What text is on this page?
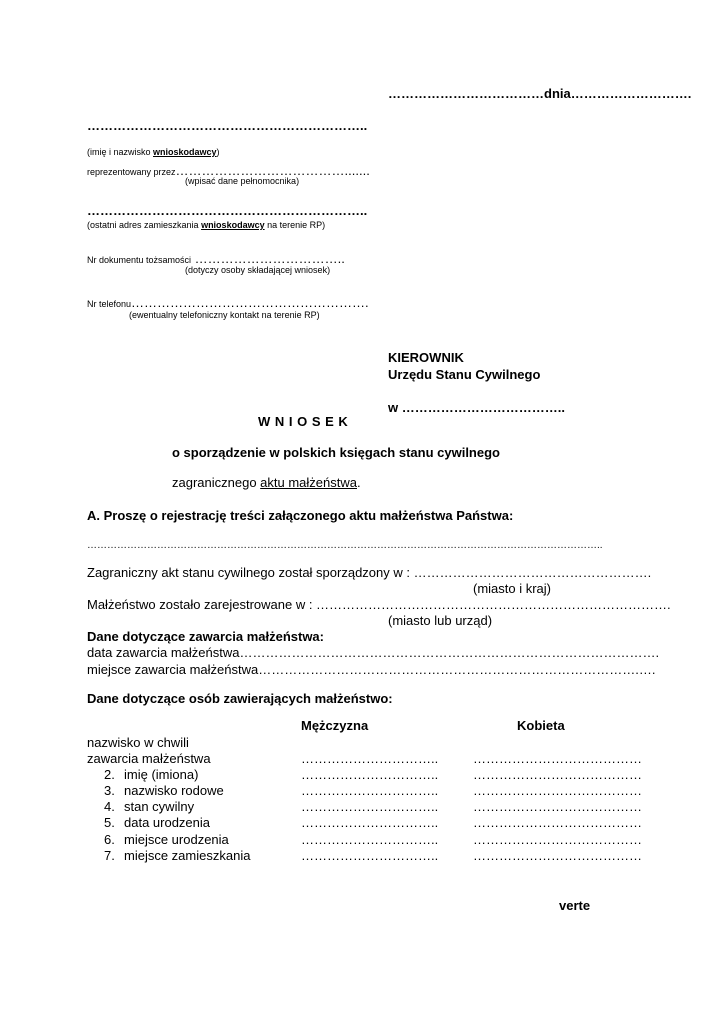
………………………………dnia……………………….
………………………………………………………..
(imię i nazwisko wnioskodawcy)
reprezentowany przez………………………………….......
(wpisać dane pełnomocnika)
………………………………………………………..
(ostatni adres zamieszkania wnioskodawcy na terenie RP)
Nr dokumentu tożsamości ……………………………..
(dotyczy osoby składającej wniosek)
Nr telefonu……………………………………………….
(ewentualny telefoniczny kontakt na terenie RP)
KIEROWNIK
Urzędu Stanu Cywilnego
w ………………………………..
W N I O S E K
o sporządzenie w polskich księgach stanu cywilnego
zagranicznego aktu małżeństwa.
A. Proszę o rejestrację treści załączonego aktu małżeństwa Państwa:
………………………………………………………………………………………………………………………………………..
Zagraniczny akt stanu cywilnego został sporządzony w : ……………………………………………….
(miasto i kraj)
Małżeństwo zostało zarejestrowane w : ……………………………………………………………………….
(miasto lub urząd)
Dane dotyczące zawarcia małżeństwa:
data zawarcia małżeństwa…………………………………………………………………………………….
miejsce zawarcia małżeństwa…………………………………………………………………………….….
Dane dotyczące osób zawierających małżeństwo:
Mężczyzna	Kobieta
nazwisko w chwili
zawarcia małżeństwa	…………………………..	…………………………………
2. imię (imiona)	…………………………..	…………………………………
3. nazwisko rodowe	…………………………..	…………………………………
4. stan cywilny	…………………………..	…………………………………
5. data urodzenia	…………………………..	…………………………………
6. miejsce urodzenia	…………………………..	…………………………………
7. miejsce zamieszkania	…………………………..	…………………………………
verte
